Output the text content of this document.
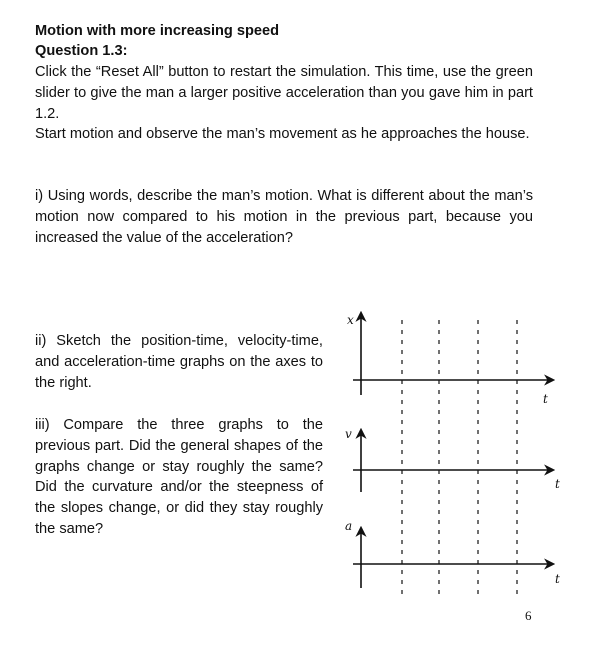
Motion with more increasing speed
Question 1.3:
Click the “Reset All” button to restart the simulation. This time, use the green slider to give the man a larger positive acceleration than you gave him in part 1.2.
Start motion and observe the man’s movement as he approaches the house.
i) Using words, describe the man’s motion. What is different about the man’s motion now compared to his motion in the previous part, because you increased the value of the acceleration?
ii) Sketch the position-time, velocity-time, and acceleration-time graphs on the axes to the right.
iii) Compare the three graphs to the previous part. Did the general shapes of the graphs change or stay roughly the same? Did the curvature and/or the steepness of the slopes change, or did they stay roughly the same?
x
t
v
t
a
t
6
